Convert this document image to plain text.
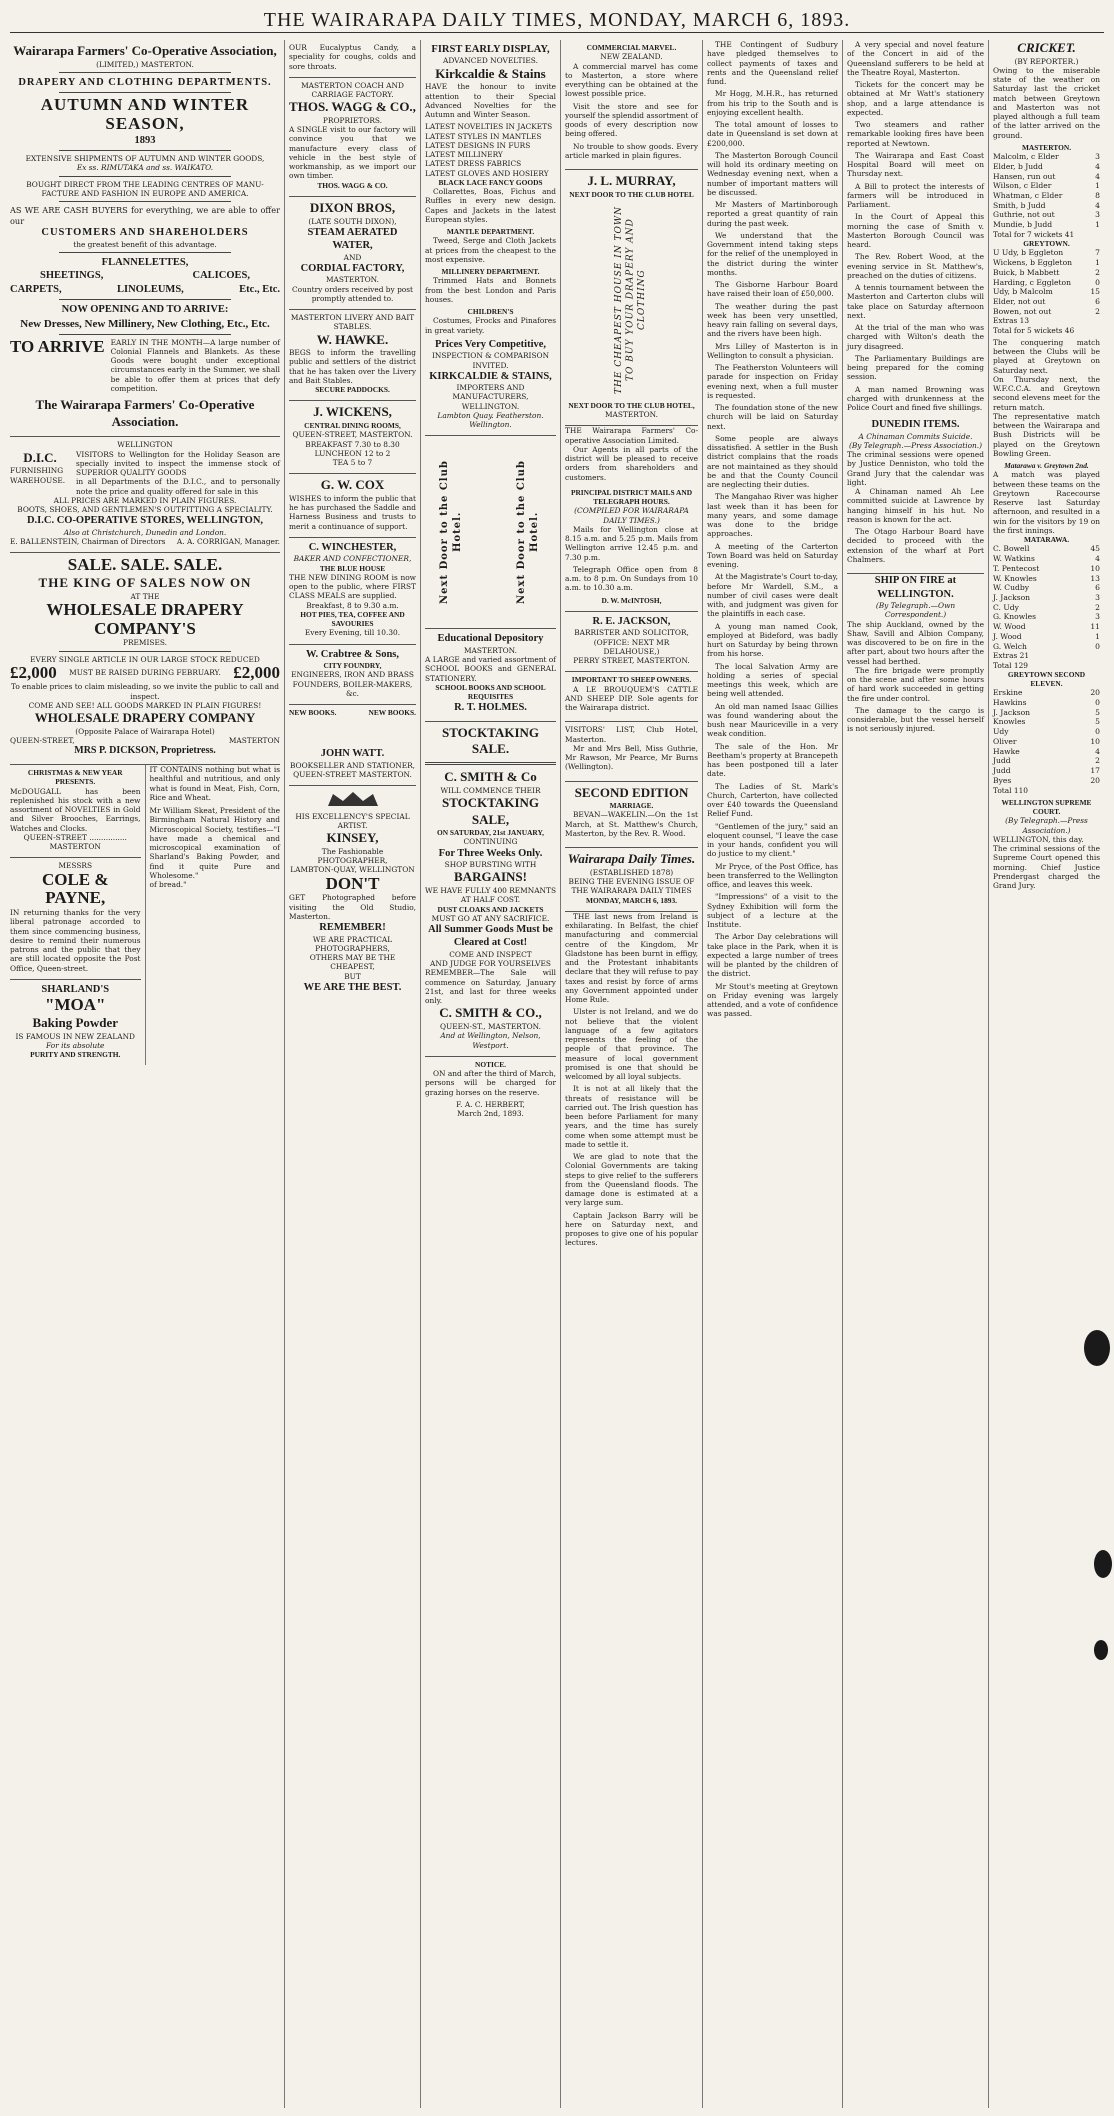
THE WAIRARAPA DAILY TIMES, MONDAY, MARCH 6, 1893.
Wairarapa Farmers' Co-Operative Association,
(LIMITED,) MASTERTON.
DRAPERY AND CLOTHING DEPARTMENTS.
AUTUMN AND WINTER SEASON,
1893
EXTENSIVE SHIPMENTS OF AUTUMN AND WINTER GOODS,
Ex ss. RIMUTAKA and ss. WAIKATO.
BOUGHT DIRECT FROM THE LEADING CENTRES OF MANU-
FACTURE AND FASHION IN EUROPE AND AMERICA.
AS WE ARE CASH BUYERS for everything, we are able to offer our
CUSTOMERS AND SHAREHOLDERS
the greatest benefit of this advantage.
FLANNELETTES,
SHEETINGS,	CALICOES,
CARPETS,	LINOLEUMS,	Etc., Etc.
NOW OPENING AND TO ARRIVE:
New Dresses, New Millinery, New Clothing, Etc., Etc.
TO ARRIVE EARLY IN THE MONTH—A large number of Colonial Flannels and Blankets. As these Goods were bought under exceptional circumstances early in the Summer, we shall be able to offer them at prices that defy competition.
The Wairarapa Farmers' Co-Operative Association.
WELLINGTON
D.I.C.
FURNISHING WAREHOUSE.
VISITORS to Wellington for the Holiday Season are specially invited to inspect the immense stock of SUPERIOR QUALITY GOODS
in all Departments of the D.I.C., and to personally note the price and quality offered for sale in this
ALL PRICES ARE MARKED IN PLAIN FIGURES.
BOOTS, SHOES, AND GENTLEMEN'S OUTFITTING A SPECIALITY.
D.I.C. CO-OPERATIVE STORES, WELLINGTON,
Also at Christchurch, Dunedin and London.
E. BALLENSTEIN, Chairman of Directors A. A. CORRIGAN, Manager.
SALE. SALE. SALE.
THE KING OF SALES NOW ON
AT THE
WHOLESALE DRAPERY COMPANY'S
PREMISES.
EVERY SINGLE ARTICLE IN OUR LARGE STOCK REDUCED
£2,000 MUST BE RAISED DURING FEBRUARY. £2,000
To enable prices to claim misleading, so we invite the public to call and inspect.
COME AND SEE! ALL GOODS MARKED IN PLAIN FIGURES!
WHOLESALE DRAPERY COMPANY
(Opposite Palace of Wairarapa Hotel)
QUEEN-STREET,	MASTERTON
MRS P. DICKSON, Proprietress.
CHRISTMAS & NEW YEAR PRESENTS.
McDOUGALL has been replenished his stock with a new assortment of NOVELTIES in Gold and Silver Brooches, Earrings, Watches and Clocks.
QUEEN-STREET ................ MASTERTON
MESSRS
COLE &
PAYNE,
IN returning thanks for the very liberal patronage accorded to them since commencing business, desire to remind their numerous patrons and the public that they are still located opposite the Post Office, Queen-street.
SHARLAND'S
"MOA"
Baking Powder
IS FAMOUS IN NEW ZEALAND
For its absolute
PURITY AND STRENGTH.
IT CONTAINS nothing but what is healthful and nutritious, and only what is found in Meat, Fish, Corn, Rice and Wheat.
Mr William Skeat, President of the Birmingham Natural History and Microscopical Society, testifies—"I have made a chemical and microscopical examination of Sharland's Baking Powder, and find it quite Pure and Wholesome."
of bread."
OUR Eucalyptus Candy, a speciality for coughs, colds and sore throats.
MASTERTON COACH AND CARRIAGE FACTORY.
THOS. WAGG & CO.,
PROPRIETORS.
A SINGLE visit to our factory will convince you that we manufacture every class of vehicle in the best style of workmanship, as we import our own timber.
THOS. WAGG & CO.
DIXON BROS,
(LATE SOUTH DIXON),
STEAM AERATED WATER,
AND
CORDIAL FACTORY,
MASTERTON.
Country orders received by post promptly attended to.
MASTERTON LIVERY AND BAIT STABLES.
W. HAWKE.
BEGS to inform the travelling public and settlers of the district that he has taken over the Livery and Bait Stables.
SECURE PADDOCKS.
J. WICKENS,
CENTRAL DINING ROOMS,
QUEEN-STREET, MASTERTON.
BREAKFAST 7.30 to 8.30
LUNCHEON 12 to 2
TEA 5 to 7
G. W. COX
WISHES to inform the public that he has purchased the Saddle and Harness Business and trusts to merit a continuance of support.
C. WINCHESTER,
BAKER AND CONFECTIONER,
THE BLUE HOUSE
THE NEW DINING ROOM is now open to the public, where FIRST CLASS MEALS are supplied.
Breakfast, 8 to 9.30 a.m.
HOT PIES, TEA, COFFEE AND SAVOURIES
Every Evening, till 10.30.
W. Crabtree & Sons,
CITY FOUNDRY,
ENGINEERS, IRON AND BRASS FOUNDERS, BOILER-MAKERS, &c.
NEW BOOKS.	NEW BOOKS.
JOHN WATT.
BOOKSELLER AND STATIONER,
QUEEN-STREET MASTERTON.
HIS EXCELLENCY'S SPECIAL ARTIST.
KINSEY,
The Fashionable PHOTOGRAPHER,
LAMBTON-QUAY, WELLINGTON
DON'T
GET Photographed before visiting the Old Studio, Masterton.
REMEMBER!
WE ARE PRACTICAL PHOTOGRAPHERS,
OTHERS MAY BE THE CHEAPEST,
BUT
WE ARE THE BEST.
FIRST EARLY DISPLAY,
ADVANCED NOVELTIES.
Kirkcaldie & Stains
HAVE the honour to invite attention to their Special Advanced Novelties for the Autumn and Winter Season.
LATEST NOVELTIES IN JACKETS
LATEST STYLES IN MANTLES
LATEST DESIGNS IN FURS
LATEST MILLINERY
LATEST DRESS FABRICS
LATEST GLOVES AND HOSIERY
BLACK LACE FANCY GOODS

Collarettes, Boas, Fichus and Ruffles in every new design. Capes and Jackets in the latest European styles.

MANTLE DEPARTMENT.

Tweed, Serge and Cloth Jackets at prices from the cheapest to the most expensive.

MILLINERY DEPARTMENT.

Trimmed Hats and Bonnets from the best London and Paris houses.

CHILDREN'S

Costumes, Frocks and Pinafores in great variety.

Prices Very Competitive,
INSPECTION & COMPARISON INVITED.
KIRKCALDIE & STAINS,
IMPORTERS AND MANUFACTURERS,
WELLINGTON.
Lambton Quay. Featherston. Wellington.
Next Door to the Club Hotel.	Next Door to the Club Hotel.
Educational Depository
MASTERTON.
A LARGE and varied assortment of SCHOOL BOOKS and GENERAL STATIONERY.
SCHOOL BOOKS AND SCHOOL REQUISITES
R. T. HOLMES.
STOCKTAKING SALE.
C. SMITH & Co
WILL COMMENCE THEIR
STOCKTAKING SALE,
ON SATURDAY, 21st JANUARY,
CONTINUING
For Three Weeks Only.
SHOP BURSTING WITH
BARGAINS!
WE HAVE FULLY 400 REMNANTS
AT HALF COST.
DUST CLOAKS AND JACKETS
MUST GO AT ANY SACRIFICE.
All Summer Goods Must be Cleared at Cost!
COME AND INSPECT
AND JUDGE FOR YOURSELVES
REMEMBER—The Sale will commence on Saturday, January 21st, and last for three weeks only.
C. SMITH & CO.,
QUEEN-ST., MASTERTON.
And at Wellington, Nelson, Westport.
NOTICE.

ON and after the third of March, persons will be charged for grazing horses on the reserve.

F. A. C. HERBERT,
March 2nd, 1893.
COMMERCIAL MARVEL.
NEW ZEALAND.

A commercial marvel has come to Masterton, a store where everything can be obtained at the lowest possible price.

Visit the store and see for yourself the splendid assortment of goods of every description now being offered.

No trouble to show goods. Every article marked in plain figures.

J. L. MURRAY,
NEXT DOOR TO THE CLUB HOTEL
THE CHEAPEST HOUSE IN TOWN TO BUY YOUR DRAPERY AND CLOTHING
NEXT DOOR TO THE CLUB HOTEL,
MASTERTON.
THE Wairarapa Farmers' Co-operative Association Limited.

Our Agents in all parts of the district will be pleased to receive orders from shareholders and customers.

PRINCIPAL DISTRICT MAILS AND TELEGRAPH HOURS.
(COMPILED FOR WAIRARAPA DAILY TIMES.)

Mails for Wellington close at 8.15 a.m. and 5.25 p.m. Mails from Wellington arrive 12.45 p.m. and 7.30 p.m.

Telegraph Office open from 8 a.m. to 8 p.m. On Sundays from 10 a.m. to 10.30 a.m.

D. W. McINTOSH,
R. E. JACKSON,
BARRISTER AND SOLICITOR,
(OFFICE: NEXT MR DELAHOUSE,)
PERRY STREET, MASTERTON.
IMPORTANT TO SHEEP OWNERS.

A LE BROUQUEM'S CATTLE AND SHEEP DIP. Sole agents for the Wairarapa district.

VISITORS' LIST, Club Hotel, Masterton.

Mr and Mrs Bell, Miss Guthrie, Mr Rawson, Mr Pearce, Mr Burns (Wellington).

SECOND EDITION
MARRIAGE.

BEVAN—WAKELIN.—On the 1st March, at St. Matthew's Church, Masterton, by the Rev. R. Wood.

Wairarapa Daily Times.
(ESTABLISHED 1878)
BEING THE EVENING ISSUE OF THE WAIRARAPA DAILY TIMES
MONDAY, MARCH 6, 1893.

THE last news from Ireland is exhilarating. In Belfast, the chief manufacturing and commercial centre of the Kingdom, Mr Gladstone has been burnt in effigy, and the Protestant inhabitants declare that they will refuse to pay taxes and resist by force of arms any Government appointed under Home Rule.

Ulster is not Ireland, and we do not believe that the violent language of a few agitators represents the feeling of the people of that province. The measure of local government promised is one that should be welcomed by all loyal subjects.

It is not at all likely that the threats of resistance will be carried out. The Irish question has been before Parliament for many years, and the time has surely come when some attempt must be made to settle it.

We are glad to note that the Colonial Governments are taking steps to give relief to the sufferers from the Queensland floods. The damage done is estimated at a very large sum.

Captain Jackson Barry will be here on Saturday next, and proposes to give one of his popular lectures.

THE Contingent of Sudbury have pledged themselves to collect payments of taxes and rents and the Queensland relief fund.

Mr Hogg, M.H.R., has returned from his trip to the South and is enjoying excellent health.

The total amount of losses to date in Queensland is set down at £200,000.

The Masterton Borough Council will hold its ordinary meeting on Wednesday evening next, when a number of important matters will be discussed.

Mr Masters of Martinborough reported a great quantity of rain during the past week.

We understand that the Government intend taking steps for the relief of the unemployed in the district during the winter months.

The Gisborne Harbour Board have raised their loan of £50,000.

The weather during the past week has been very unsettled, heavy rain falling on several days, and the rivers have been high.

Mrs Lilley of Masterton is in Wellington to consult a physician.

The Featherston Volunteers will parade for inspection on Friday evening next, when a full muster is requested.

The foundation stone of the new church will be laid on Saturday next.

Some people are always dissatisfied. A settler in the Bush district complains that the roads are not maintained as they should be and that the County Council are neglecting their duties.

The Mangahao River was higher last week than it has been for many years, and some damage was done to the bridge approaches.

A meeting of the Carterton Town Board was held on Saturday evening.

At the Magistrate's Court to-day, before Mr Wardell, S.M., a number of civil cases were dealt with, and judgment was given for the plaintiffs in each case.

A young man named Cook, employed at Bideford, was badly hurt on Saturday by being thrown from his horse.

The local Salvation Army are holding a series of special meetings this week, which are being well attended.

An old man named Isaac Gillies was found wandering about the bush near Mauriceville in a very weak condition.

The sale of the Hon. Mr Beetham's property at Brancepeth has been postponed till a later date.

The Ladies of St. Mark's Church, Carterton, have collected over £40 towards the Queensland Relief Fund.

"Gentlemen of the jury," said an eloquent counsel, "I leave the case in your hands, confident you will do justice to my client."

Mr Pryce, of the Post Office, has been transferred to the Wellington office, and leaves this week.

"Impressions" of a visit to the Sydney Exhibition will form the subject of a lecture at the Institute.

The Arbor Day celebrations will take place in the Park, when it is expected a large number of trees will be planted by the children of the district.

Mr Stout's meeting at Greytown on Friday evening was largely attended, and a vote of confidence was passed.

A very special and novel feature of the Concert in aid of the Queensland sufferers to be held at the Theatre Royal, Masterton.

Tickets for the concert may be obtained at Mr Watt's stationery shop, and a large attendance is expected.

Two steamers and rather remarkable looking fires have been reported at Newtown.

The Wairarapa and East Coast Hospital Board will meet on Thursday next.

A Bill to protect the interests of farmers will be introduced in Parliament.

In the Court of Appeal this morning the case of Smith v. Masterton Borough Council was heard.

The Rev. Robert Wood, at the evening service in St. Matthew's, preached on the duties of citizens.

A tennis tournament between the Masterton and Carterton clubs will take place on Saturday afternoon next.

At the trial of the man who was charged with Wilton's death the jury disagreed.

The Parliamentary Buildings are being prepared for the coming session.

A man named Browning was charged with drunkenness at the Police Court and fined five shillings.

DUNEDIN ITEMS.
A Chinaman Commits Suicide.
(By Telegraph.—Press Association.)
The criminal sessions were opened by Justice Denniston, who told the Grand Jury that the calendar was light.

A Chinaman named Ah Lee committed suicide at Lawrence by hanging himself in his hut. No reason is known for the act.

The Otago Harbour Board have decided to proceed with the extension of the wharf at Port Chalmers.

SHIP ON FIRE at WELLINGTON.
(By Telegraph.—Own Correspondent.)
The ship Auckland, owned by the Shaw, Savill and Albion Company, was discovered to be on fire in the after part, about two hours after the vessel had berthed.

The fire brigade were promptly on the scene and after some hours of hard work succeeded in getting the fire under control.

The damage to the cargo is considerable, but the vessel herself is not seriously injured.

CRICKET.
(BY REPORTER.)
Owing to the miserable state of the weather on Saturday last the cricket match between Greytown and Masterton was not played although a full team of the latter arrived on the ground.
MASTERTON.
Malcolm, c Elder	3
Elder, b Judd	4
Hansen, run out	4
Wilson, c Elder	1
Whatman, c Elder	8
Smith, b Judd	4
Guthrie, not out	3
Mundie, b Judd	1
Total for 7 wickets 41
GREYTOWN.
U Udy, b Eggleton	7
Wickens, b Eggleton	1
Buick, b Mabbett	2
Harding, c Eggleton	0
Udy, b Malcolm	15
Elder, not out	6
Bowen, not out	2
Extras 13
Total for 5 wickets 46
The conquering match between the Clubs will be played at Greytown on Saturday next.
On Thursday next, the W.F.C.C.A. and Greytown second elevens meet for the return match.
The representative match between the Wairarapa and Bush Districts will be played on the Greytown Bowling Green.
Matarawa v. Greytown 2nd.
A match was played between these teams on the Greytown Racecourse Reserve last Saturday afternoon, and resulted in a win for the visitors by 19 on the first innings.
MATARAWA.
C. Bowell	45
W. Watkins	4
T. Pentecost	10
W. Knowles	13
W. Cudby	6
J. Jackson	3
C. Udy	2
G. Knowles	3
W. Wood	11
J. Wood	1
G. Welch	0
Extras 21
Total 129
GREYTOWN SECOND ELEVEN.
Erskine	20
Hawkins	0
J. Jackson	5
Knowles	5
Udy	0
Oliver	10
Hawke	4
Judd	2
Judd	17
Byes	20
Total 110
WELLINGTON SUPREME COURT.
(By Telegraph.—Press Association.)
WELLINGTON, this day.
The criminal sessions of the Supreme Court opened this morning. Chief Justice Prendergast charged the Grand Jury.
